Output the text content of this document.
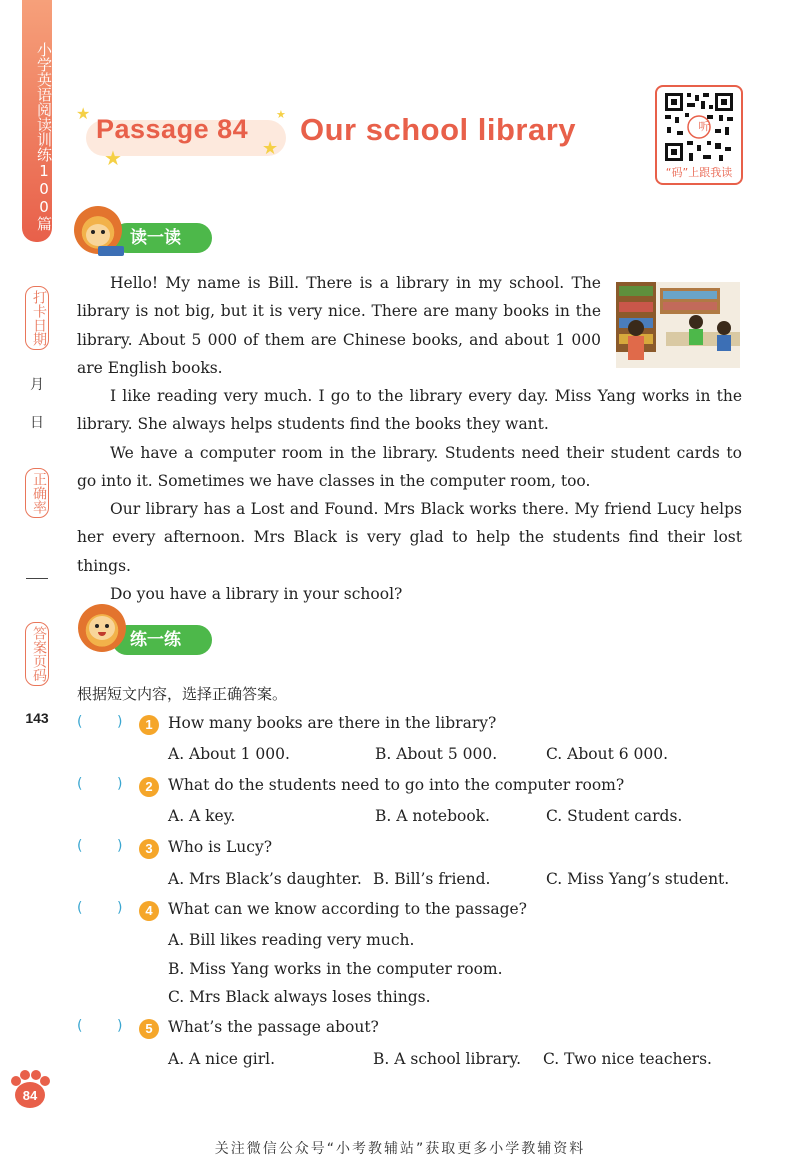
小学英语阅读训练100篇
打卡日期
月
日
正确率
答案页码
143
★
★	★
★
Passage 84 Our school library	听
“码”上跟我读
读一读

Hello! My name is Bill. There is a library in my school. The library is not big, but it is very nice. There are many books in the library. About 5 000 of them are Chinese books, and about 1 000 are English books.

I like reading very much. I go to the library every day. Miss Yang works in the library. She always helps students find the books they want.

We have a computer room in the library. Students need their student cards to go into it. Sometimes we have classes in the computer room, too.

Our library has a Lost and Found. Mrs Black works there. My friend Lucy helps her every afternoon. Mrs Black is very glad to help the students find their lost things.

Do you have a library in your school?

练一练
根据短文内容，选择正确答案。
( )	1 How many books are there in the library?
A. About 1 000.	B. About 5 000.	C. About 6 000.
( )	2 What do the students need to go into the computer room?
A. A key.	B. A notebook.	C. Student cards.
( )	3 Who is Lucy?
A. Mrs Black’s daughter. B. Bill’s friend.	C. Miss Yang’s student.
( )	4 What can we know according to the passage?
A. Bill likes reading very much.
B. Miss Yang works in the computer room.
C. Mrs Black always loses things.
( )	5 What’s the passage about?
A. A nice girl.	B. A school library. C. Two nice teachers.
84
关注微信公众号“小考教辅站”获取更多小学教辅资料
